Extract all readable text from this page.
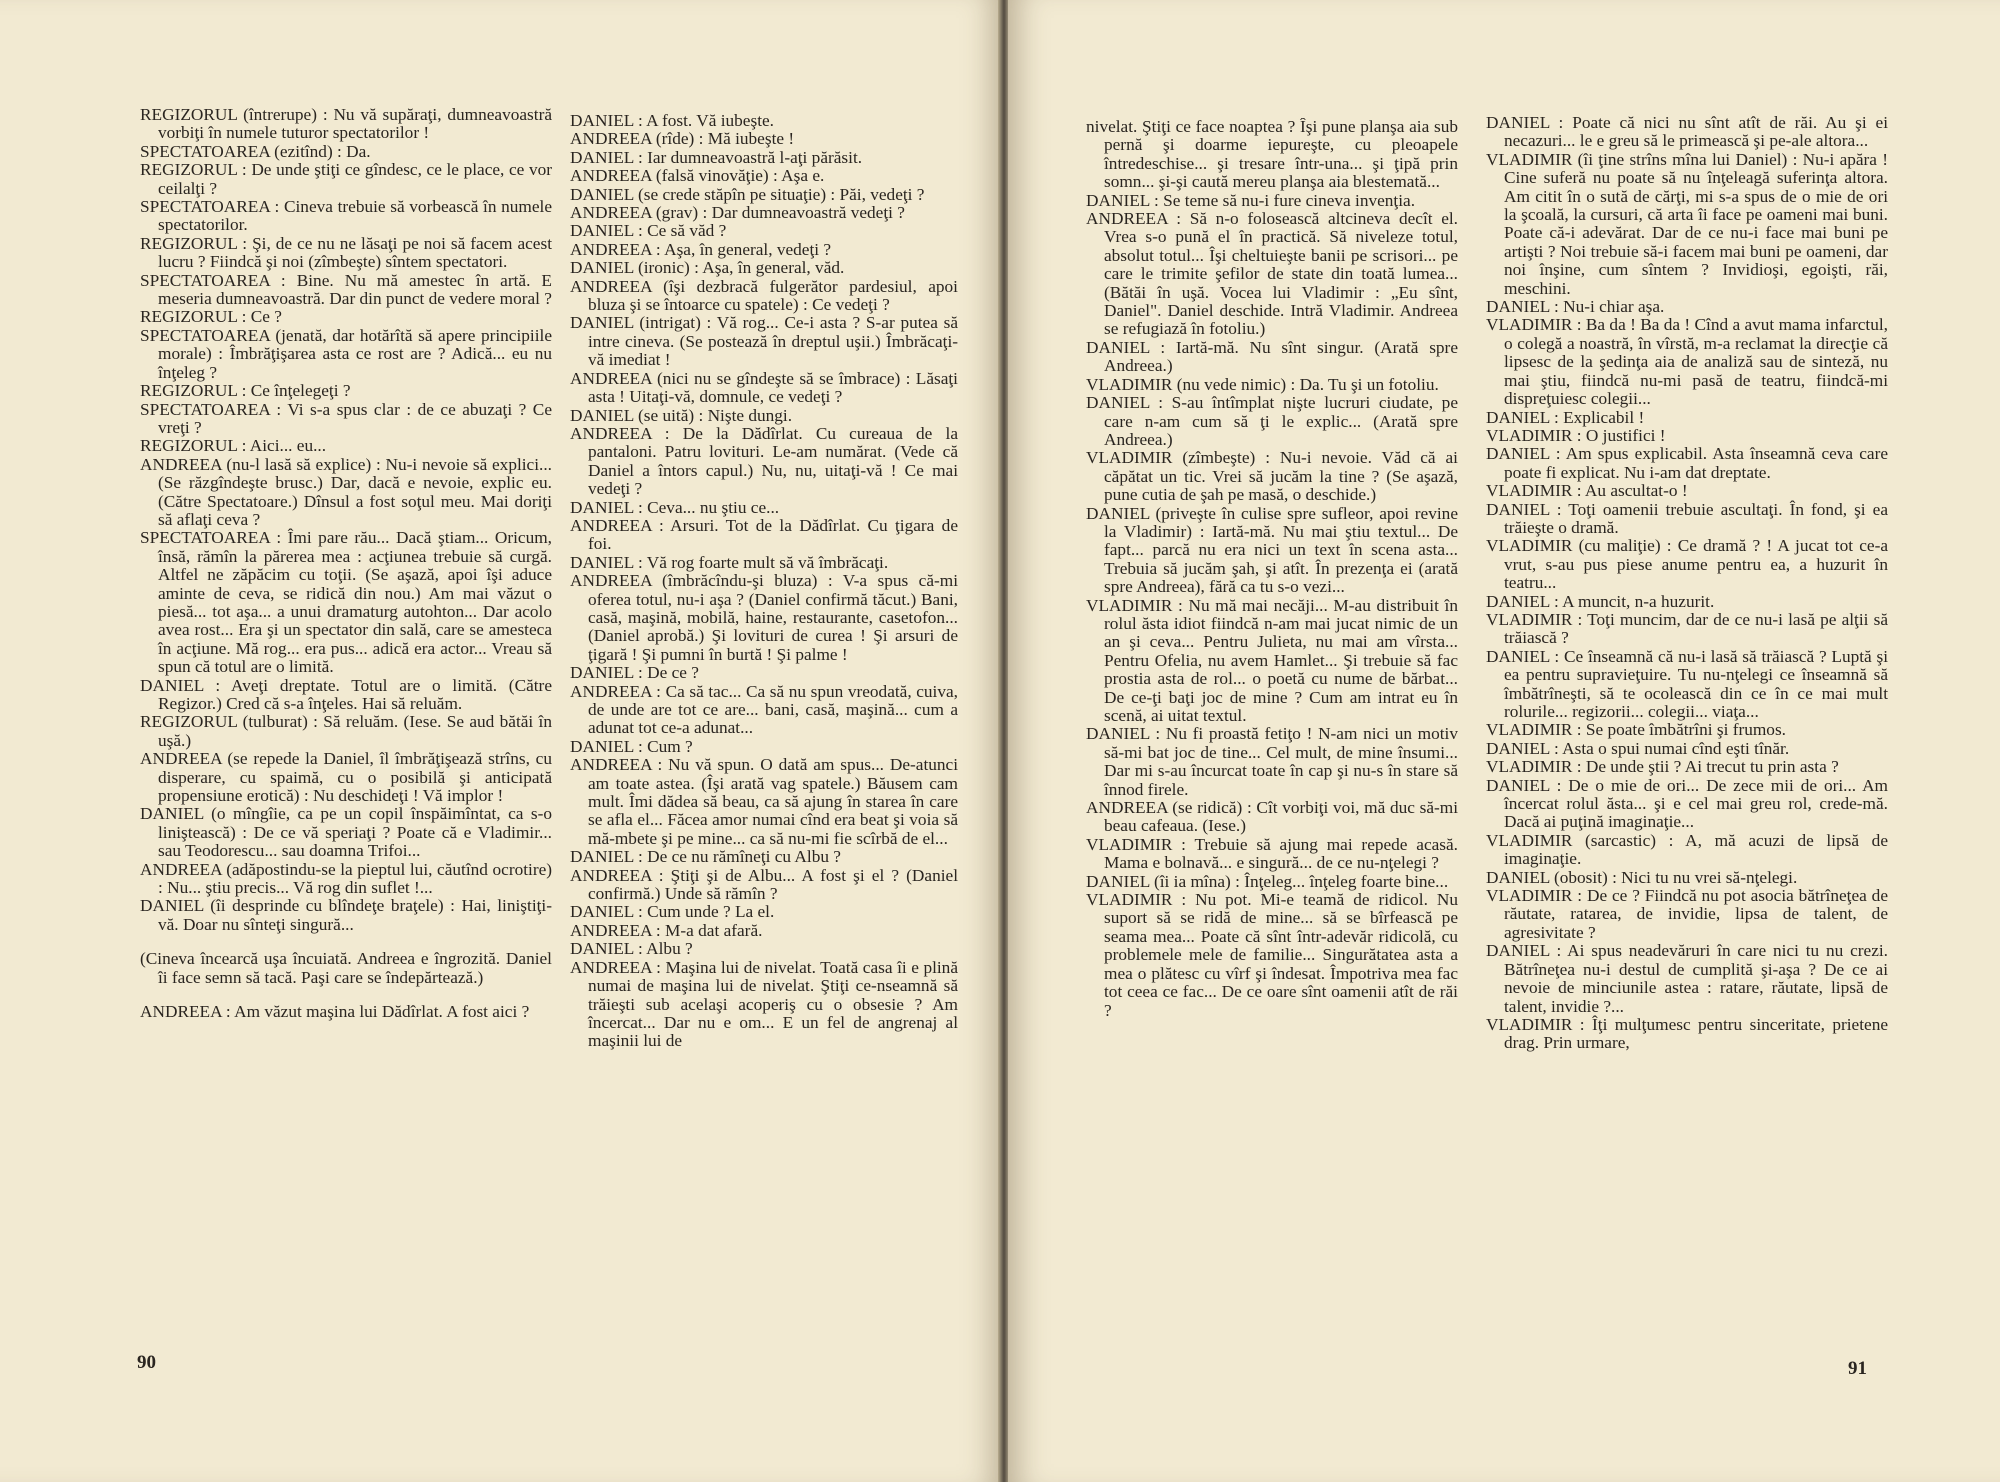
REGIZORUL (întrerupe) : Nu vă supăraţi, dumneavoastră vorbiţi în numele tuturor spectatorilor !

SPECTATOAREA (ezitînd) : Da.

REGIZORUL : De unde ştiţi ce gîndesc, ce le place, ce vor ceilalţi ?

SPECTATOAREA : Cineva trebuie să vorbească în numele spectatorilor.

REGIZORUL : Şi, de ce nu ne lăsaţi pe noi să facem acest lucru ? Fiindcă şi noi (zîmbeşte) sîntem spectatori.

SPECTATOAREA : Bine. Nu mă amestec în artă. E meseria dumneavoastră. Dar din punct de vedere moral ?

REGIZORUL : Ce ?

SPECTATOAREA (jenată, dar hotărîtă să apere principiile morale) : Îmbrăţişarea asta ce rost are ? Adică... eu nu înţeleg ?

REGIZORUL : Ce înţelegeţi ?

SPECTATOAREA : Vi s-a spus clar : de ce abuzaţi ? Ce vreţi ?

REGIZORUL : Aici... eu...

ANDREEA (nu-l lasă să explice) : Nu-i nevoie să explici... (Se răzgîndeşte brusc.) Dar, dacă e nevoie, explic eu. (Către Spectatoare.) Dînsul a fost soţul meu. Mai doriţi să aflaţi ceva ?

SPECTATOAREA : Îmi pare rău... Dacă ştiam... Oricum, însă, rămîn la părerea mea : acţiunea trebuie să curgă. Altfel ne zăpăcim cu toţii. (Se aşază, apoi îşi aduce aminte de ceva, se ridică din nou.) Am mai văzut o piesă... tot aşa... a unui dramaturg autohton... Dar acolo avea rost... Era şi un spectator din sală, care se amesteca în acţiune. Mă rog... era pus... adică era actor... Vreau să spun că totul are o limită.

DANIEL : Aveţi dreptate. Totul are o limită. (Către Regizor.) Cred că s-a înţeles. Hai să reluăm.

REGIZORUL (tulburat) : Să reluăm. (Iese. Se aud bătăi în uşă.)

ANDREEA (se repede la Daniel, îl îmbrăţişează strîns, cu disperare, cu spaimă, cu o posibilă şi anticipată propensiune erotică) : Nu deschideţi ! Vă implor !

DANIEL (o mîngîie, ca pe un copil înspăimîntat, ca s-o liniştească) : De ce vă speriaţi ? Poate că e Vladimir... sau Teodorescu... sau doamna Trifoi...

ANDREEA (adăpostindu-se la pieptul lui, căutînd ocrotire) : Nu... ştiu precis... Vă rog din suflet !...

DANIEL (îi desprinde cu blîndeţe braţele) : Hai, liniştiţi-vă. Doar nu sînteţi singură...

(Cineva încearcă uşa încuiată. Andreea e îngrozită. Daniel îi face semn să tacă. Paşi care se îndepărtează.)

ANDREEA : Am văzut maşina lui Dădîrlat. A fost aici ?

DANIEL : A fost. Vă iubeşte.

ANDREEA (rîde) : Mă iubeşte !

DANIEL : Iar dumneavoastră l-aţi părăsit.

ANDREEA (falsă vinovăţie) : Aşa e.

DANIEL (se crede stăpîn pe situaţie) : Păi, vedeţi ?

ANDREEA (grav) : Dar dumneavoastră vedeţi ?

DANIEL : Ce să văd ?

ANDREEA : Aşa, în general, vedeţi ?

DANIEL (ironic) : Aşa, în general, văd.

ANDREEA (îşi dezbracă fulgerător pardesiul, apoi bluza şi se întoarce cu spatele) : Ce vedeţi ?

DANIEL (intrigat) : Vă rog... Ce-i asta ? S-ar putea să intre cineva. (Se postează în dreptul uşii.) Îmbrăcaţi-vă imediat !

ANDREEA (nici nu se gîndeşte să se îmbrace) : Lăsaţi asta ! Uitaţi-vă, domnule, ce vedeţi ?

DANIEL (se uită) : Nişte dungi.

ANDREEA : De la Dădîrlat. Cu cureaua de la pantaloni. Patru lovituri. Le-am numărat. (Vede că Daniel a întors capul.) Nu, nu, uitaţi-vă ! Ce mai vedeţi ?

DANIEL : Ceva... nu ştiu ce...

ANDREEA : Arsuri. Tot de la Dădîrlat. Cu ţigara de foi.

DANIEL : Vă rog foarte mult să vă îmbrăcaţi.

ANDREEA (îmbrăcîndu-şi bluza) : V-a spus că-mi oferea totul, nu-i aşa ? (Daniel confirmă tăcut.) Bani, casă, maşină, mobilă, haine, restaurante, casetofon... (Daniel aprobă.) Şi lovituri de curea ! Şi arsuri de ţigară ! Şi pumni în burtă ! Şi palme !

DANIEL : De ce ?

ANDREEA : Ca să tac... Ca să nu spun vreodată, cuiva, de unde are tot ce are... bani, casă, maşină... cum a adunat tot ce-a adunat...

DANIEL : Cum ?

ANDREEA : Nu vă spun. O dată am spus... De-atunci am toate astea. (Îşi arată vag spatele.) Băusem cam mult. Îmi dădea să beau, ca să ajung în starea în care se afla el... Făcea amor numai cînd era beat şi voia să mă-mbete şi pe mine... ca să nu-mi fie scîrbă de el...

DANIEL : De ce nu rămîneţi cu Albu ?

ANDREEA : Ştiţi şi de Albu... A fost şi el ? (Daniel confirmă.) Unde să rămîn ?

DANIEL : Cum unde ? La el.

ANDREEA : M-a dat afară.

DANIEL : Albu ?

ANDREEA : Maşina lui de nivelat. Toată casa îi e plină numai de maşina lui de nivelat. Ştiţi ce-nseamnă să trăieşti sub acelaşi acoperiş cu o obsesie ? Am încercat... Dar nu e om... E un fel de angrenaj al maşinii lui de

90

nivelat. Ştiţi ce face noaptea ? Îşi pune planşa aia sub pernă şi doarme iepureşte, cu pleoapele întredeschise... şi tresare într-una... şi ţipă prin somn... şi-şi caută mereu planşa aia blestemată...

DANIEL : Se teme să nu-i fure cineva invenţia.

ANDREEA : Să n-o folosească altcineva decît el. Vrea s-o pună el în practică. Să niveleze totul, absolut totul... Îşi cheltuieşte banii pe scrisori... pe care le trimite şefilor de state din toată lumea... (Bătăi în uşă. Vocea lui Vladimir : „Eu sînt, Daniel". Daniel deschide. Intră Vladimir. Andreea se refugiază în fotoliu.)

DANIEL : Iartă-mă. Nu sînt singur. (Arată spre Andreea.)

VLADIMIR (nu vede nimic) : Da. Tu şi un fotoliu.

DANIEL : S-au întîmplat nişte lucruri ciudate, pe care n-am cum să ţi le explic... (Arată spre Andreea.)

VLADIMIR (zîmbeşte) : Nu-i nevoie. Văd că ai căpătat un tic. Vrei să jucăm la tine ? (Se aşază, pune cutia de şah pe masă, o deschide.)

DANIEL (priveşte în culise spre sufleor, apoi revine la Vladimir) : Iartă-mă. Nu mai ştiu textul... De fapt... parcă nu era nici un text în scena asta... Trebuia să jucăm şah, şi atît. În prezenţa ei (arată spre Andreea), fără ca tu s-o vezi...

VLADIMIR : Nu mă mai necăji... M-au distribuit în rolul ăsta idiot fiindcă n-am mai jucat nimic de un an şi ceva... Pentru Julieta, nu mai am vîrsta... Pentru Ofelia, nu avem Hamlet... Şi trebuie să fac prostia asta de rol... o poetă cu nume de bărbat... De ce-ţi baţi joc de mine ? Cum am intrat eu în scenă, ai uitat textul.

DANIEL : Nu fi proastă fetiţo ! N-am nici un motiv să-mi bat joc de tine... Cel mult, de mine însumi... Dar mi s-au încurcat toate în cap şi nu-s în stare să înnod firele.

ANDREEA (se ridică) : Cît vorbiţi voi, mă duc să-mi beau cafeaua. (Iese.)

VLADIMIR : Trebuie să ajung mai repede acasă. Mama e bolnavă... e singură... de ce nu-nţelegi ?

DANIEL (îi ia mîna) : Înţeleg... înţeleg foarte bine...

VLADIMIR : Nu pot. Mi-e teamă de ridicol. Nu suport să se ridă de mine... să se bîrfească pe seama mea... Poate că sînt într-adevăr ridicolă, cu problemele mele de familie... Singurătatea asta a mea o plătesc cu vîrf şi îndesat. Împotriva mea fac tot ceea ce fac... De ce oare sînt oamenii atît de răi ?

DANIEL : Poate că nici nu sînt atît de răi. Au şi ei necazuri... le e greu să le primească şi pe-ale altora...

VLADIMIR (îi ţine strîns mîna lui Daniel) : Nu-i apăra ! Cine suferă nu poate să nu înţeleagă suferinţa altora. Am citit în o sută de cărţi, mi s-a spus de o mie de ori la şcoală, la cursuri, că arta îi face pe oameni mai buni. Poate că-i adevărat. Dar de ce nu-i face mai buni pe artişti ? Noi trebuie să-i facem mai buni pe oameni, dar noi înşine, cum sîntem ? Invidioşi, egoişti, răi, meschini.

DANIEL : Nu-i chiar aşa.

VLADIMIR : Ba da ! Ba da ! Cînd a avut mama infarctul, o colegă a noastră, în vîrstă, m-a reclamat la direcţie că lipsesc de la şedinţa aia de analiză sau de sinteză, nu mai ştiu, fiindcă nu-mi pasă de teatru, fiindcă-mi dispreţuiesc colegii...

DANIEL : Explicabil !

VLADIMIR : O justifici !

DANIEL : Am spus explicabil. Asta înseamnă ceva care poate fi explicat. Nu i-am dat dreptate.

VLADIMIR : Au ascultat-o !

DANIEL : Toţi oamenii trebuie ascultaţi. În fond, şi ea trăieşte o dramă.

VLADIMIR (cu maliţie) : Ce dramă ? ! A jucat tot ce-a vrut, s-au pus piese anume pentru ea, a huzurit în teatru...

DANIEL : A muncit, n-a huzurit.

VLADIMIR : Toţi muncim, dar de ce nu-i lasă pe alţii să trăiască ?

DANIEL : Ce înseamnă că nu-i lasă să trăiască ? Luptă şi ea pentru supravieţuire. Tu nu-nţelegi ce înseamnă să îmbătrîneşti, să te ocolească din ce în ce mai mult rolurile... regizorii... colegii... viaţa...

VLADIMIR : Se poate îmbătrîni şi frumos.

DANIEL : Asta o spui numai cînd eşti tînăr.

VLADIMIR : De unde ştii ? Ai trecut tu prin asta ?

DANIEL : De o mie de ori... De zece mii de ori... Am încercat rolul ăsta... şi e cel mai greu rol, crede-mă. Dacă ai puţină imaginaţie...

VLADIMIR (sarcastic) : A, mă acuzi de lipsă de imaginaţie.

DANIEL (obosit) : Nici tu nu vrei să-nţelegi.

VLADIMIR : De ce ? Fiindcă nu pot asocia bătrîneţea de răutate, ratarea, de invidie, lipsa de talent, de agresivitate ?

DANIEL : Ai spus neadevăruri în care nici tu nu crezi. Bătrîneţea nu-i destul de cumplită şi-aşa ? De ce ai nevoie de minciunile astea : ratare, răutate, lipsă de talent, invidie ?...

VLADIMIR : Îţi mulţumesc pentru sinceritate, prietene drag. Prin urmare,

91
